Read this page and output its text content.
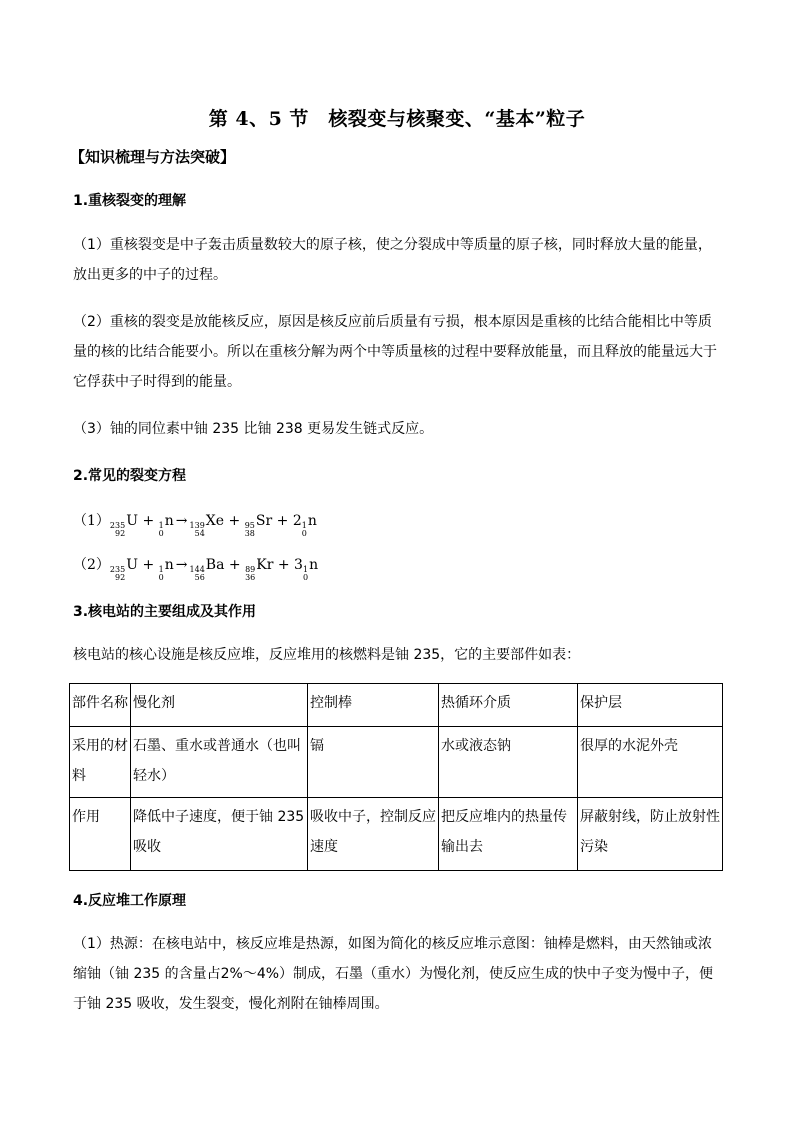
第 4、5 节　核裂变与核聚变、“基本”粒子
【知识梳理与方法突破】
1.重核裂变的理解
（1）重核裂变是中子轰击质量数较大的原子核，使之分裂成中等质量的原子核，同时释放大量的能量，放出更多的中子的过程。
（2）重核的裂变是放能核反应，原因是核反应前后质量有亏损，根本原因是重核的比结合能相比中等质量的核的比结合能要小。所以在重核分解为两个中等质量核的过程中要释放能量，而且释放的能量远大于它俘获中子时得到的能量。
（3）铀的同位素中铀 235 比铀 238 更易发生链式反应。
2.常见的裂变方程
（1） 235
92
U + 1
0
n → 139
54
Xe + 95
38
Sr + 2 1
0
n
（2） 235
92
U + 1
0
n → 144
56
Ba + 89
36
Kr + 3 1
0
n
3.核电站的主要组成及其作用
核电站的核心设施是核反应堆，反应堆用的核燃料是铀 235，它的主要部件如表：
部件名称	慢化剂	控制棒	热循环介质	保护层
采用的材料	石墨、重水或普通水（也叫轻水）	镉	水或液态钠	很厚的水泥外壳
作用	降低中子速度，便于铀 235 吸收	吸收中子，控制反应速度	把反应堆内的热量传输出去	屏蔽射线，防止放射性污染
4.反应堆工作原理
（1）热源：在核电站中，核反应堆是热源，如图为简化的核反应堆示意图：铀棒是燃料，由天然铀或浓缩铀（铀 235 的含量占2%～4%）制成，石墨（重水）为慢化剂，使反应生成的快中子变为慢中子，便于铀 235 吸收，发生裂变，慢化剂附在铀棒周围。
